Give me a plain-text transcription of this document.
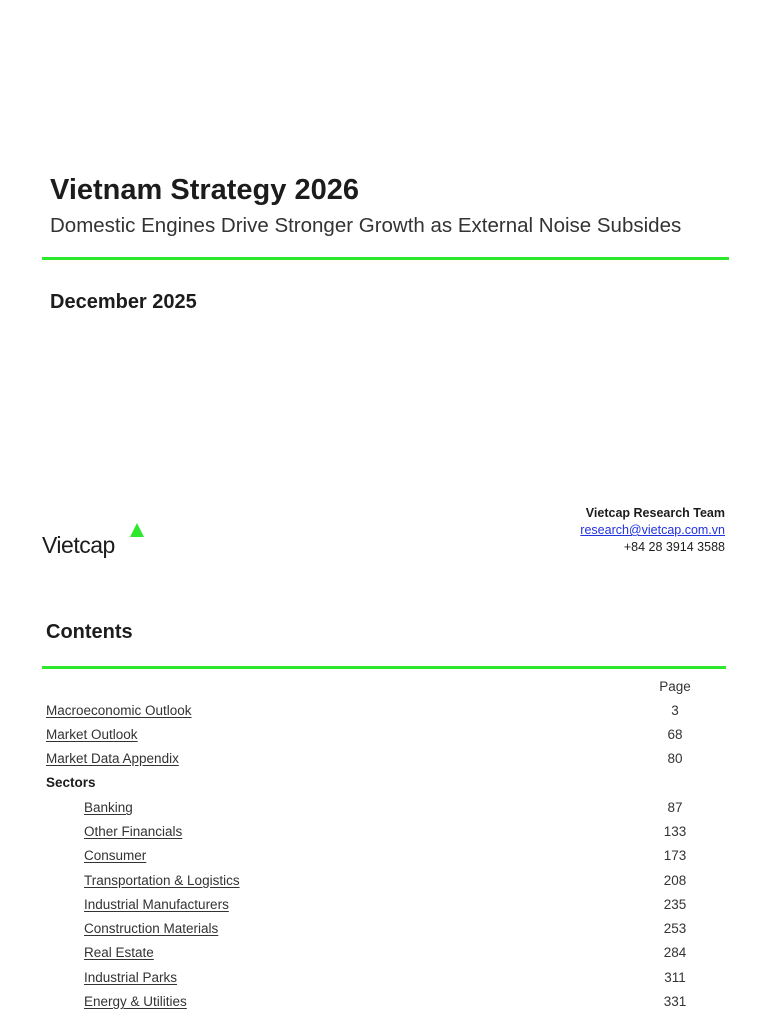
Vietnam Strategy 2026
Domestic Engines Drive Stronger Growth as External Noise Subsides
December 2025
Vietcap
Vietcap Research Team
research@vietcap.com.vn
+84 28 3914 3588
Contents
Page
Macroeconomic Outlook	3
Market Outlook	68
Market Data Appendix	80
Sectors
Banking	87
Other Financials	133
Consumer	173
Transportation & Logistics	208
Industrial Manufacturers	235
Construction Materials	253
Real Estate	284
Industrial Parks	311
Energy & Utilities	331
